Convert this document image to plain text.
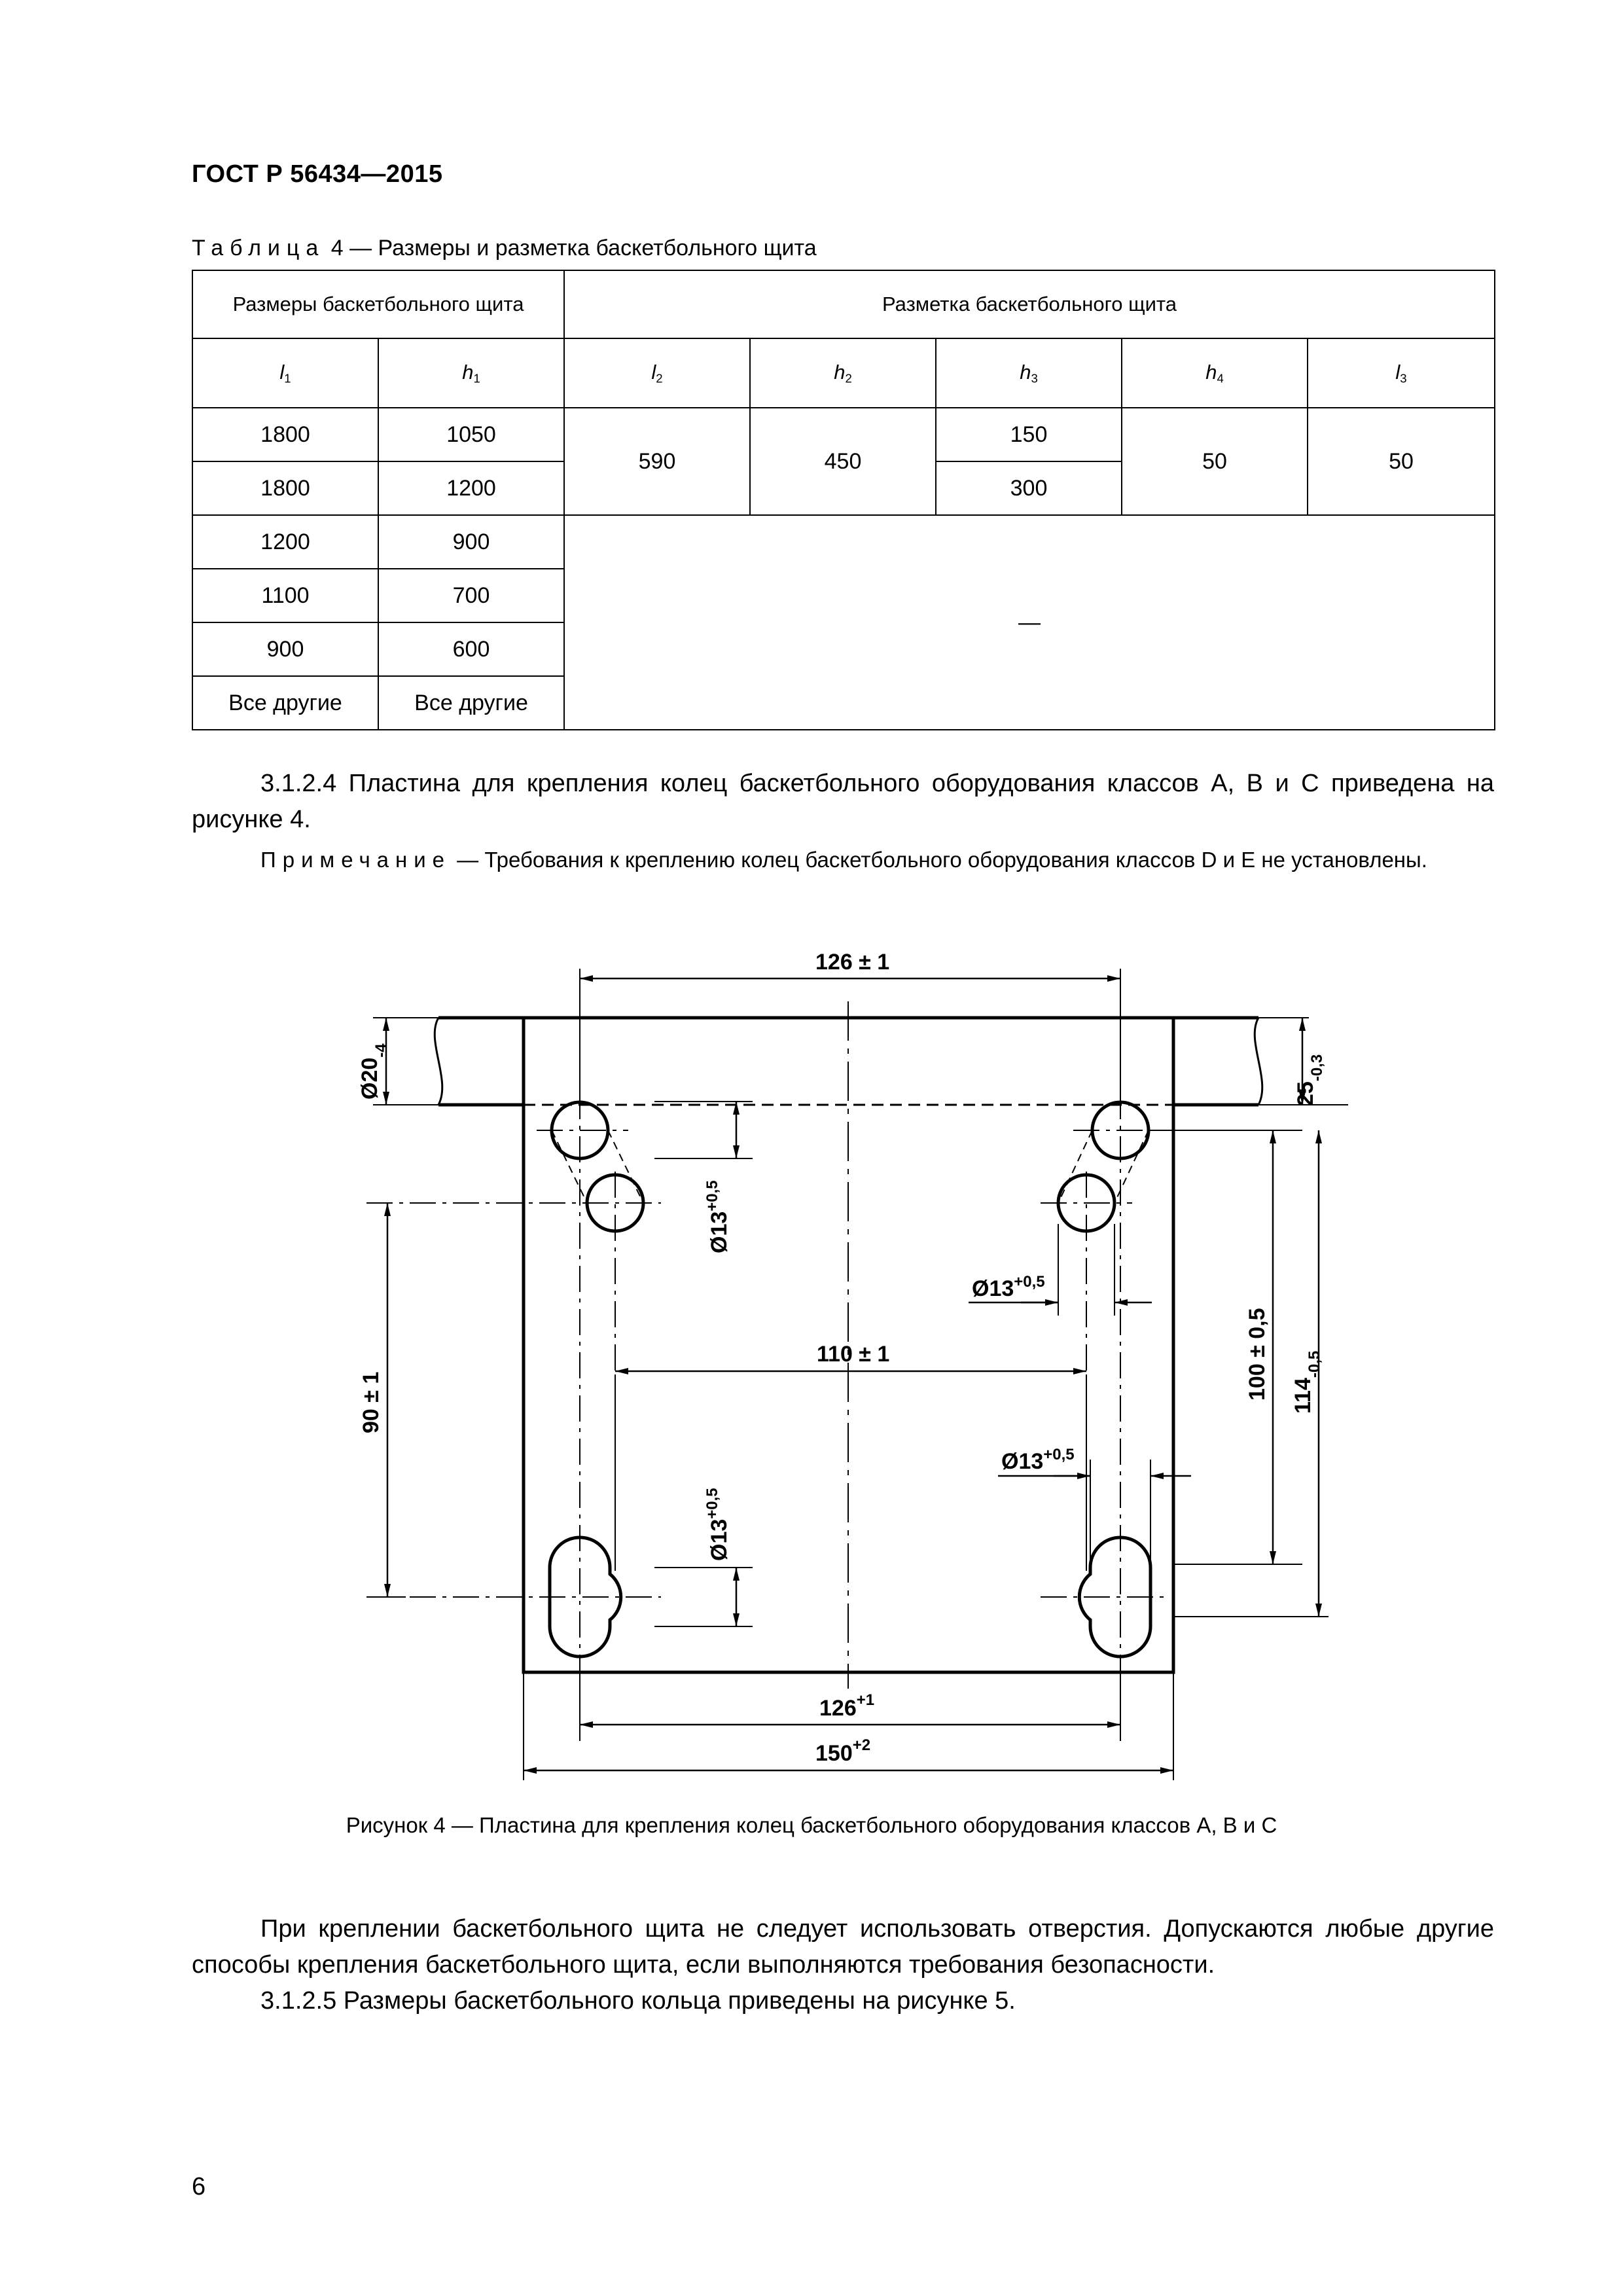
ГОСТ Р 56434—2015
Таблица 4 — Размеры и разметка баскетбольного щита
Размеры баскетбольного щита		Разметка баскетбольного щита				
$l_1$	$h_1$	$l_2$	$h_2$	$h_3$	$h_4$	$l_3$
1800	1050	590	450	150	50	50
1800	1200			300		
1200	900	—				
1100	700					
900	600					
Все другие	Все другие					
3.1.2.4 Пластина для крепления колец баскетбольного оборудования классов А, В и С приведена на рисунке 4.
Примечание — Требования к креплению колец баскетбольного оборудования классов D и E не установлены.
126 ± 1
110 ± 1
$126^{+1}$
$150^{+2}$
90 ± 1
$Ø20_{-4}$
$25_{-0,3}$
100 ± 0,5 $114_{-0,5}$
$Ø13^{+0,5}$
$Ø13^{+0,5}$
$Ø13^{+0,5}$
$Ø13^{+0,5}$
Рисунок 4 — Пластина для крепления колец баскетбольного оборудования классов А, В и С
При креплении баскетбольного щита не следует использовать отверстия. Допускаются любые другие способы крепления баскетбольного щита, если выполняются требования безопасности.
3.1.2.5 Размеры баскетбольного кольца приведены на рисунке 5.
6
